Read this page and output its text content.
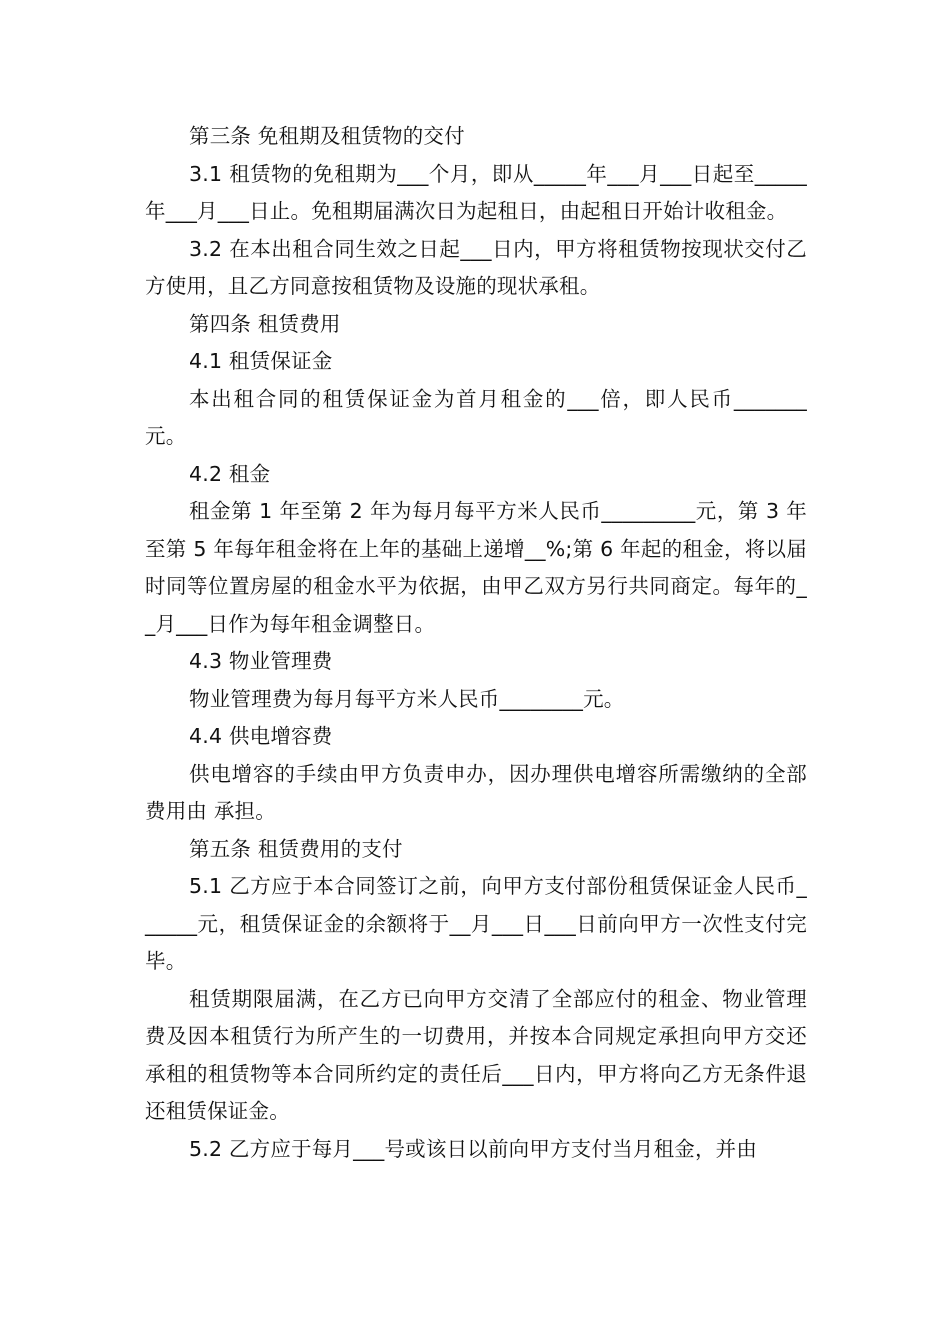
第三条 免租期及租赁物的交付

3.1 租赁物的免租期为___个月，即从_____年___月___日起至_____年___月___日止。免租期届满次日为起租日，由起租日开始计收租金。

3.2 在本出租合同生效之日起___日内，甲方将租赁物按现状交付乙方使用，且乙方同意按租赁物及设施的现状承租。

第四条 租赁费用

4.1 租赁保证金

本出租合同的租赁保证金为首月租金的___倍，即人民币_______元。

4.2 租金

租金第 1 年至第 2 年为每月每平方米人民币_________元，第 3 年至第 5 年每年租金将在上年的基础上递增__%;第 6 年起的租金，将以届时同等位置房屋的租金水平为依据，由甲乙双方另行共同商定。每年的__月___日作为每年租金调整日。

4.3 物业管理费

物业管理费为每月每平方米人民币________元。

4.4 供电增容费

供电增容的手续由甲方负责申办，因办理供电增容所需缴纳的全部费用由 承担。

第五条 租赁费用的支付

5.1 乙方应于本合同签订之前，向甲方支付部份租赁保证金人民币______元，租赁保证金的余额将于__月___日___日前向甲方一次性支付完毕。

租赁期限届满，在乙方已向甲方交清了全部应付的租金、物业管理费及因本租赁行为所产生的一切费用，并按本合同规定承担向甲方交还承租的租赁物等本合同所约定的责任后___日内，甲方将向乙方无条件退还租赁保证金。

5.2 乙方应于每月___号或该日以前向甲方支付当月租金，并由
